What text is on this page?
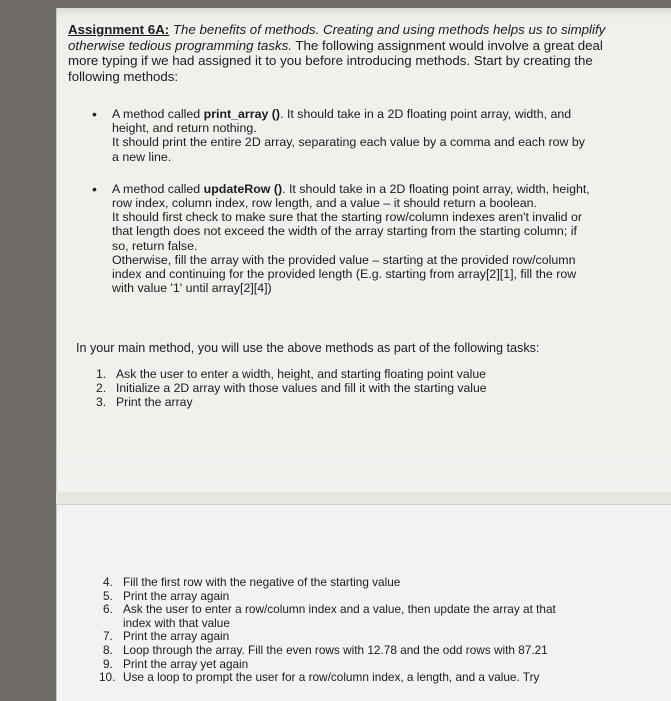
Assignment 6A: The benefits of methods. Creating and using methods helps us to simplify otherwise tedious programming tasks. The following assignment would involve a great deal more typing if we had assigned it to you before introducing methods. Start by creating the following methods:
• A method called print_array (). It should take in a 2D floating point array, width, and height, and return nothing.
It should print the entire 2D array, separating each value by a comma and each row by a new line.
• A method called updateRow (). It should take in a 2D floating point array, width, height, row index, column index, row length, and a value – it should return a boolean.
It should first check to make sure that the starting row/column indexes aren't invalid or that length does not exceed the width of the array starting from the starting column; if so, return false.
Otherwise, fill the array with the provided value – starting at the provided row/column index and continuing for the provided length (E.g. starting from array[2][1], fill the row with value '1' until array[2][4])
In your main method, you will use the above methods as part of the following tasks:
1. Ask the user to enter a width, height, and starting floating point value
2. Initialize a 2D array with those values and fill it with the starting value
3. Print the array
4. Fill the first row with the negative of the starting value
5. Print the array again
6. Ask the user to enter a row/column index and a value, then update the array at that index with that value
7. Print the array again
8. Loop through the array. Fill the even rows with 12.78 and the odd rows with 87.21
9. Print the array yet again
10. Use a loop to prompt the user for a row/column index, a length, and a value. Try
